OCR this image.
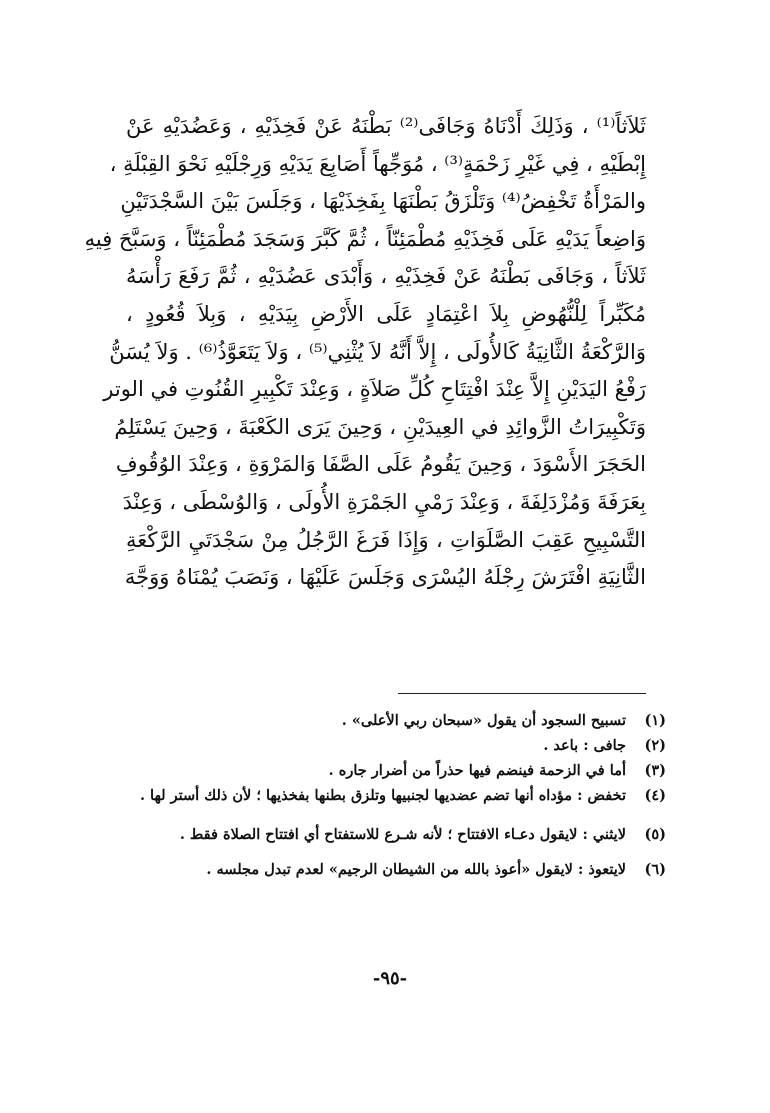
ثَلاَثاً⁽¹⁾ ، وَذَلِكَ أَدْنَاهُ وَجَافَى⁽²⁾ بَطْنَهُ عَنْ فَخِذَيْهِ ، وَعَضُدَيْهِ عَنْ
إِبْطَيْهِ ، فِي غَيْرِ زَحْمَةٍ⁽³⁾ ، مُوَجِّهاً أَصَابِعَ يَدَيْهِ وَرِجْلَيْهِ نَحْوَ القِبْلَةِ ،
والمَرْأَةُ تَخْفِضُ⁽⁴⁾ وَتَلْزَقُ بَطْنَهَا بِفَخِذَيْهَا ، وَجَلَسَ بَيْنَ السَّجْدَتَيْنِ
وَاضِعاً يَدَيْهِ عَلَى فَخِذَيْهِ مُطْمَئِنّاً ، ثُمَّ كَبَّرَ وَسَجَدَ مُطْمَئِنّاً ، وَسَبَّحَ فِيهِ
ثَلاَثاً ، وَجَافَى بَطْنَهُ عَنْ فَخِذَيْهِ ، وَأَبْدَى عَضُدَيْهِ ، ثُمَّ رَفَعَ رَأْسَهُ
مُكَبِّراً لِلْنُّهُوضِ بِلاَ اعْتِمَادٍ عَلَى الأَرْضِ بِيَدَيْهِ ، وَبِلاَ قُعُودٍ ،
وَالرَّكْعَةُ الثَّانِيَةُ كَالأُولَى ، إِلاَّ أَنَّهُ لاَ يُثْنِي⁽⁵⁾ ، وَلاَ يَتَعَوَّذُ⁽⁶⁾ . وَلاَ يُسَنُّ
رَفْعُ اليَدَيْنِ إِلاَّ عِنْدَ افْتِتَاحِ كُلِّ صَلاَةٍ ، وَعِنْدَ تَكْبِيرِ القُنُوتِ في الوتر
وَتَكْبِيرَاتُ الزَّوائِدِ في العِيدَيْنِ ، وَحِينَ يَرَى الكَعْبَةَ ، وَحِينَ يَسْتَلِمُ
الحَجَرَ الأَسْوَدَ ، وَحِينَ يَقُومُ عَلَى الصَّفَا وَالمَرْوَةِ ، وَعِنْدَ الوُقُوفِ
بِعَرَفَةَ وَمُزْدَلِفَةَ ، وَعِنْدَ رَمْيِ الجَمْرَةِ الأُولَى ، وَالوُسْطَى ، وَعِنْدَ
التَّسْبِيحِ عَقِبَ الصَّلَوَاتِ ، وَإِذَا فَرَغَ الرَّجُلُ مِنْ سَجْدَتَيِ الرَّكْعَةِ
الثَّانِيَةِ افْتَرَشَ رِجْلَهُ اليُسْرَى وَجَلَسَ عَلَيْهَا ، وَنَصَبَ يُمْنَاهُ وَوَجَّهَ
(١)
تسبيح السجود أن يقول «سبحان ربي الأعلى» .
(٢)
جافى : باعد .
(٣)
أما في الزحمة فينضم فيها حذراً من أضرار جاره .
(٤)
تخفض : مؤداه أنها تضم عضديها لجنبيها وتلزق بطنها بفخذيها ؛ لأن ذلك أستر لها .
(٥)
لايثني : لايقول دعـاء الافتتاح ؛ لأنه شـرع للاستفتاح أي افتتاح الصلاة فقط .
(٦)
لايتعوذ : لايقول «أعوذ بالله من الشيطان الرجيم» لعدم تبدل مجلسه .
-٩٥-
